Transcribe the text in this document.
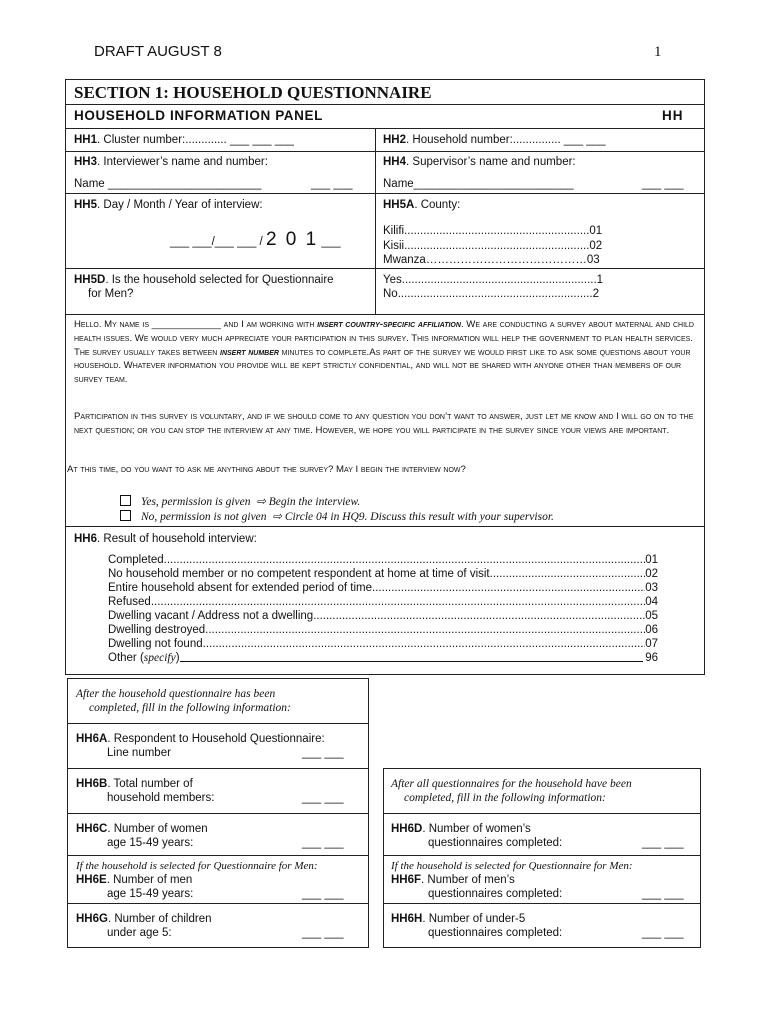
DRAFT AUGUST 8	1
SECTION 1: HOUSEHOLD QUESTIONNAIRE
HOUSEHOLD INFORMATION PANEL	HH
HH1. Cluster number:............. ___ ___ ___	HH2. Household number:............... ___ ___
HH3. Interviewer’s name and number:
Name ________________________	___ ___
HH4. Supervisor’s name and number:
Name_________________________	___ ___
HH5. Day / Month / Year of interview:
___ ___/___ ___ / 2 0 1 ___
HH5A. County:
Kilifi..........................................................01
Kisii..........................................................02
Mwanza……………………………………03
HH5D. Is the household selected for Questionnaire
for Men?
Yes.............................................................1
No.............................................................2
Hello. My name is _____________ and I am working with insert country-specific affiliation. We are conducting a survey about maternal and child health issues. We would very much appreciate your participation in this survey. This information will help the government to plan health services. The survey usually takes between insert number minutes to complete.As part of the survey we would first like to ask some questions about your household. Whatever information you provide will be kept strictly confidential, and will not be shared with anyone other than members of our survey team.
Participation in this survey is voluntary, and if we should come to any question you don’t want to answer, just let me know and I will go on to the next question; or you can stop the interview at any time. However, we hope you will participate in the survey since your views are important.
At this time, do you want to ask me anything about the survey? May I begin the interview now?
Yes, permission is given ⇨ Begin the interview.
No, permission is not given ⇨ Circle 04 in HQ9. Discuss this result with your supervisor.
HH6. Result of household interview:
Completed .....	01
No household member or no competent respondent at home at time of visit .....	02
Entire household absent for extended period of time .....	03
Refused .....	04
Dwelling vacant / Address not a dwelling .....	05
Dwelling destroyed .....	06
Dwelling not found .....	07
Other ( specify )	96
After the household questionnaire has been
completed, fill in the following information:
HH6A. Respondent to Household Questionnaire:
Line number	___ ___
HH6B. Total number of
household members:	___ ___
HH6C. Number of women
age 15-49 years:	___ ___
If the household is selected for Questionnaire for Men:
HH6E. Number of men
age 15-49 years:	___ ___
HH6G. Number of children
under age 5:	___ ___
After all questionnaires for the household have been
completed, fill in the following information:
HH6D. Number of women’s
questionnaires completed:	___ ___
If the household is selected for Questionnaire for Men:
HH6F. Number of men’s
questionnaires completed:	___ ___
HH6H. Number of under-5
questionnaires completed:	___ ___
